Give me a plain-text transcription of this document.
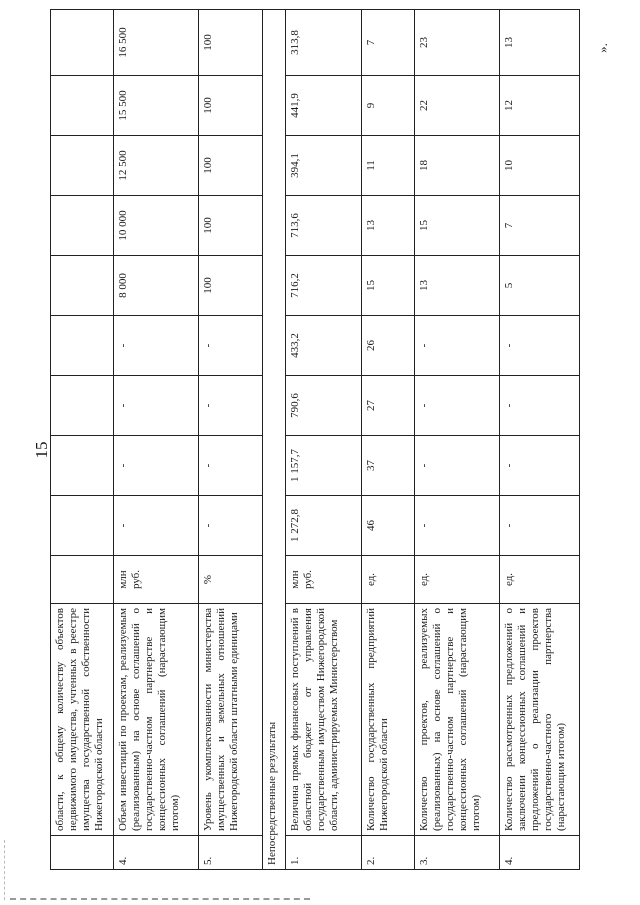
15
	области, к общему количеству объектов недвижимого имущества, учтенных в реестре имущества государственной собственности Нижегородской области										
4.	Объем инвестиций по проектам, реализуемым (реализованным) на основе соглашений о государственно-частном партнерстве и концессионных соглашений (нарастающим итогом)	млн руб.	-	-	-	-	8 000	10 000	12 500	15 500	16 500
5.	Уровень укомплектованности министерства имущественных и земельных отношений Нижегородской области штатными единицами	%	-	-	-	-	100	100	100	100	100
Непосредственные результаты											
1.	Величина прямых финансовых поступлений в областной бюджет от управления государственным имуществом Нижегородской области, администрируемых Министерством	млн руб.	1 272,8	1 157,7	790,6	433,2	716,2	713,6	394,1	441,9	313,8
2.	Количество государственных предприятий Нижегородской области	ед.	46	37	27	26	15	13	11	9	7
3.	Количество проектов, реализуемых (реализованных) на основе соглашений о государственно-частном партнерстве и концессионных соглашений (нарастающим итогом)	ед.	-	-	-	-	13	15	18	22	23
4.	Количество рассмотренных предложений о заключении концессионных соглашений и предложений о реализации проектов государственно-частного партнерства (нарастающим итогом)	ед.	-	-	-	-	5	7	10	12	13	».
